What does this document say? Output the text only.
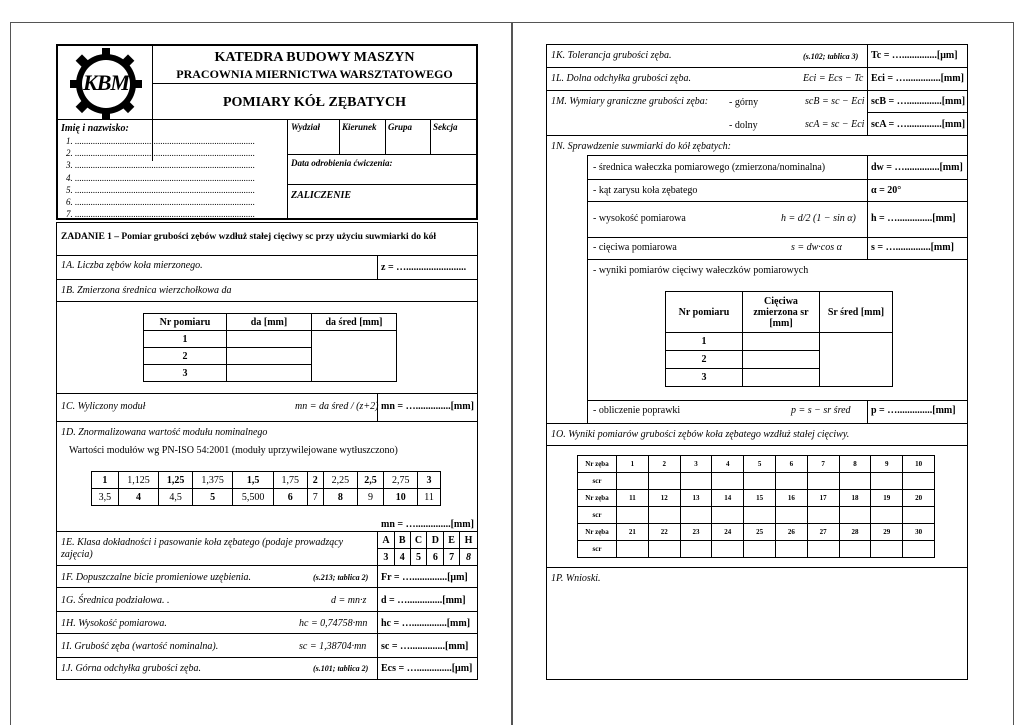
KBM
KATEDRA BUDOWY MASZYN
PRACOWNIA MIERNICTWA WARSZTATOWEGO
POMIARY KÓŁ ZĘBATYCH
Imię i nazwisko:
1. ................................................................................
2. ................................................................................
3. ................................................................................
4. ................................................................................
5. ................................................................................
6. ................................................................................
7. ................................................................................
Wydział Kierunek Grupa Sekcja
Data odrobienia ćwiczenia:
ZALICZENIE
ZADANIE 1 – Pomiar grubości zębów wzdłuż stałej cięciwy sc przy użyciu suwmiarki do kół
1A. Liczba zębów koła mierzonego.	z = …........................
1B. Zmierzona średnica wierzchołkowa da
Nr pomiaru	da [mm]	da śred [mm]
1		
2		
3		
1C. Wyliczony moduł	mn = da śred / (z+2) mn = …..............[mm]
1D. Znormalizowana wartość modułu nominalnego
Wartości modułów wg PN-ISO 54:2001 (moduły uprzywilejowane wytłuszczono)
1	1,125	1,25	1,375	1,5	1,75	2	2,25	2,5	2,75	3
3,5	4	4,5	5	5,500	6	7	8	9	10	11
mn = …..............[mm]
1E. Klasa dokładności i pasowanie koła zębatego (podaje prowadzący zajęcia)
A	B	C	D	E	H
3	4	5	6	7	8
1F. Dopuszczalne bicie promieniowe uzębienia.	(s.213; tablica 2) Fr = …..............[μm]
1G. Średnica podziałowa. .	d = mn·z d = …..............[mm]
1H. Wysokość pomiarowa.	hc = 0,74758·mn hc = …..............[mm]
1I. Grubość zęba (wartość nominalna).	sc = 1,38704·mn sc = …..............[mm]
1J. Górna odchyłka grubości zęba.	(s.101; tablica 2) Ecs = …..............[μm]
1K. Tolerancja grubości zęba.	(s.102; tablica 3) Tc = …..............[μm]
1L. Dolna odchyłka grubości zęba.	Eci = Ecs − Tc Eci = …..............[mm]
1M. Wymiary graniczne grubości zęba: - górny	scB = sc − Eci scB = …..............[mm]
- dolny	scA = sc − Eci scA = …..............[mm]
1N. Sprawdzenie suwmiarki do kół zębatych:
- średnica wałeczka pomiarowego (zmierzona/nominalna)	dw = …..............[mm]
- kąt zarysu koła zębatego	α = 20°
- wysokość pomiarowa	h = d/2 (1 − sin α) h = …..............[mm]
- cięciwa pomiarowa	s = dw·cos α	s = …..............[mm]
- wyniki pomiarów cięciwy wałeczków pomiarowych
Nr pomiaru	Cięciwa zmierzona sr [mm]	Sr śred [mm]
1		
2		
3		
- obliczenie poprawki	p = s − sr śred p = …..............[mm]
1O. Wyniki pomiarów grubości zębów koła zębatego wzdłuż stałej cięciwy.
Nr zęba	1	2	3	4	5	6	7	8	9	10
scr										
Nr zęba	11	12	13	14	15	16	17	18	19	20
scr										
Nr zęba	21	22	23	24	25	26	27	28	29	30
scr										
1P. Wnioski.
